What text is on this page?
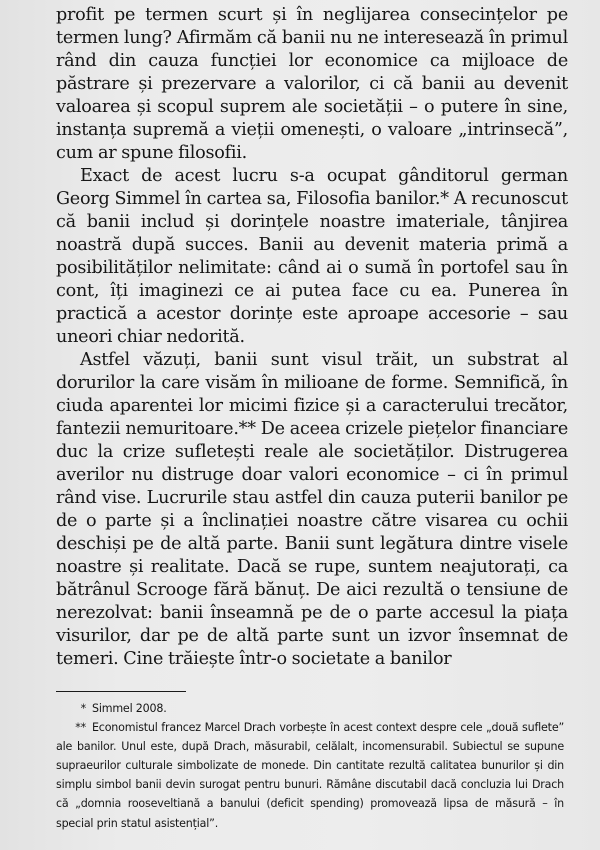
profit pe termen scurt și în neglijarea consecințelor pe termen lung? Afirmăm că banii nu ne interesează în primul rând din cauza funcției lor economice ca mijloace de păstrare și prezervare a valorilor, ci că banii au devenit valoarea și scopul suprem ale societății – o putere în sine, instanța supremă a vieții omenești, o valoare „intrinsecă”, cum ar spune filosofii.

Exact de acest lucru s-a ocupat gânditorul german Georg Simmel în cartea sa, Filosofia banilor.* A recunoscut că banii includ și dorințele noastre imateriale, tânjirea noastră după succes. Banii au devenit materia primă a posibilităților nelimitate: când ai o sumă în portofel sau în cont, îți imaginezi ce ai putea face cu ea. Punerea în practică a acestor dorințe este aproape accesorie – sau uneori chiar nedorită.

Astfel văzuți, banii sunt visul trăit, un substrat al dorurilor la care visăm în milioane de forme. Semnifică, în ciuda aparentei lor micimi fizice și a caracterului trecător, fantezii nemuritoare.** De aceea crizele piețelor financiare duc la crize sufletești reale ale societăților. Distrugerea averilor nu distruge doar valori economice – ci în primul rând vise. Lucrurile stau astfel din cauza puterii banilor pe de o parte și a înclinației noastre către visarea cu ochii deschiși pe de altă parte. Banii sunt legătura dintre visele noastre și realitate. Dacă se rupe, suntem neajutorați, ca bătrânul Scrooge fără bănuț. De aici rezultă o tensiune de nerezolvat: banii înseamnă pe de o parte accesul la piața visurilor, dar pe de altă parte sunt un izvor însemnat de temeri. Cine trăiește într-o societate a banilor

* Simmel 2008.

** Economistul francez Marcel Drach vorbește în acest context despre cele „două suflete” ale banilor. Unul este, după Drach, măsurabil, celălalt, incomensurabil. Subiectul se supune supraeurilor culturale simbolizate de monede. Din cantitate rezultă calitatea bunurilor și din simplu simbol banii devin surogat pentru bunuri. Rămâne discutabil dacă concluzia lui Drach că „domnia rooseveltiană a banului (deficit spending) promovează lipsa de măsură – în special prin statul asistențial”.
